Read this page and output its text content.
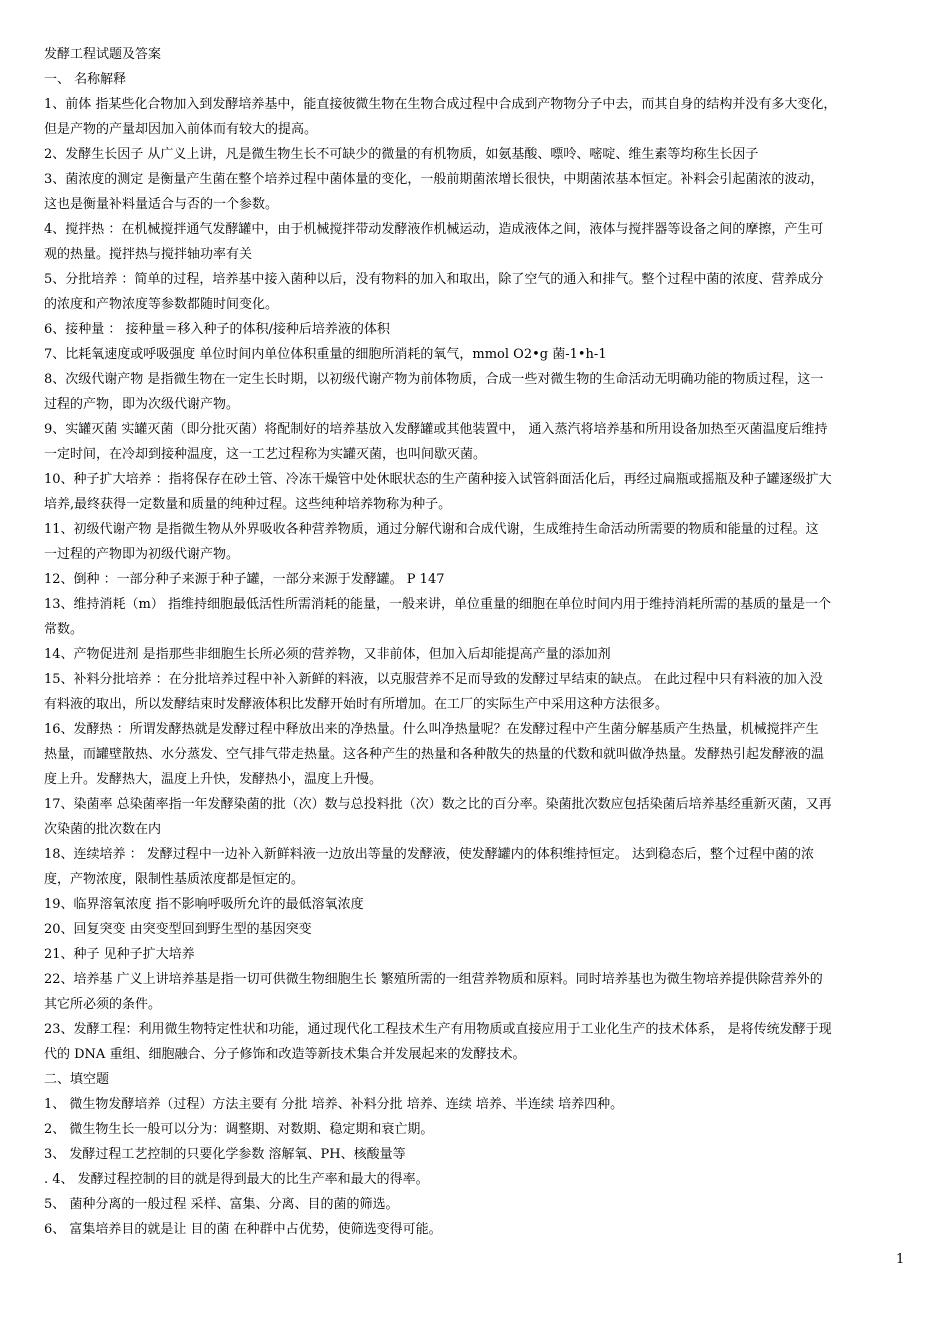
发酵工程试题及答案
一、 名称解释
1、前体 指某些化合物加入到发酵培养基中，能直接彼微生物在生物合成过程中合成到产物物分子中去，而其自身的结构并没有多大变化，
但是产物的产量却因加入前体而有较大的提高。
2、发酵生长因子 从广义上讲，凡是微生物生长不可缺少的微量的有机物质，如氨基酸、嘌呤、嘧啶、维生素等均称生长因子
3、菌浓度的测定 是衡量产生菌在整个培养过程中菌体量的变化，一般前期菌浓增长很快，中期菌浓基本恒定。补料会引起菌浓的波动，
这也是衡量补料量适合与否的一个参数。
4、搅拌热 ：在机械搅拌通气发酵罐中，由于机械搅拌带动发酵液作机械运动，造成液体之间，液体与搅拌器等设备之间的摩擦，产生可
观的热量。搅拌热与搅拌轴功率有关
5、分批培养 ：简单的过程，培养基中接入菌种以后，没有物料的加入和取出，除了空气的通入和排气。整个过程中菌的浓度、营养成分
的浓度和产物浓度等参数都随时间变化。
6、接种量 ： 接种量＝移入种子的体积/接种后培养液的体积
7、比耗氧速度或呼吸强度 单位时间内单位体积重量的细胞所消耗的氧气，mmol O2•g 菌-1•h-1
8、次级代谢产物 是指微生物在一定生长时期，以初级代谢产物为前体物质，合成一些对微生物的生命活动无明确功能的物质过程，这一
过程的产物，即为次级代谢产物。
9、实罐灭菌 实罐灭菌（即分批灭菌）将配制好的培养基放入发酵罐或其他装置中， 通入蒸汽将培养基和所用设备加热至灭菌温度后维持
一定时间，在冷却到接种温度，这一工艺过程称为实罐灭菌，也叫间歇灭菌。
10、种子扩大培养 ：指将保存在砂土管、冷冻干燥管中处休眠状态的生产菌种接入试管斜面活化后，再经过扁瓶或摇瓶及种子罐逐级扩大
培养,最终获得一定数量和质量的纯种过程。这些纯种培养物称为种子。
11、初级代谢产物 是指微生物从外界吸收各种营养物质，通过分解代谢和合成代谢，生成维持生命活动所需要的物质和能量的过程。这
一过程的产物即为初级代谢产物。
12、倒种 ：一部分种子来源于种子罐，一部分来源于发酵罐。 P 147
13、维持消耗（m） 指维持细胞最低活性所需消耗的能量，一般来讲，单位重量的细胞在单位时间内用于维持消耗所需的基质的量是一个
常数。
14、产物促进剂 是指那些非细胞生长所必须的营养物，又非前体，但加入后却能提高产量的添加剂
15、补料分批培养 ：在分批培养过程中补入新鲜的料液，以克服营养不足而导致的发酵过早结束的缺点。 在此过程中只有料液的加入没
有料液的取出，所以发酵结束时发酵液体积比发酵开始时有所增加。在工厂的实际生产中采用这种方法很多。
16、发酵热 ：所谓发酵热就是发酵过程中释放出来的净热量。什么叫净热量呢？在发酵过程中产生菌分解基质产生热量，机械搅拌产生
热量，而罐壁散热、水分蒸发、空气排气带走热量。这各种产生的热量和各种散失的热量的代数和就叫做净热量。发酵热引起发酵液的温
度上升。发酵热大，温度上升快，发酵热小，温度上升慢。
17、染菌率 总染菌率指一年发酵染菌的批（次）数与总投料批（次）数之比的百分率。染菌批次数应包括染菌后培养基经重新灭菌，又再
次染菌的批次数在内
18、连续培养 ： 发酵过程中一边补入新鲜料液一边放出等量的发酵液，使发酵罐内的体积维持恒定。 达到稳态后，整个过程中菌的浓
度，产物浓度，限制性基质浓度都是恒定的。
19、临界溶氧浓度 指不影响呼吸所允许的最低溶氧浓度
20、回复突变 由突变型回到野生型的基因突变
21、种子 见种子扩大培养
22、培养基 广义上讲培养基是指一切可供微生物细胞生长 繁殖所需的一组营养物质和原料。同时培养基也为微生物培养提供除营养外的
其它所必须的条件。
23、发酵工程：利用微生物特定性状和功能，通过现代化工程技术生产有用物质或直接应用于工业化生产的技术体系， 是将传统发酵于现
代的 DNA 重组、细胞融合、分子修饰和改造等新技术集合并发展起来的发酵技术。
二、填空题
1、 微生物发酵培养（过程）方法主要有 分批 培养、补料分批 培养、连续 培养、半连续 培养四种。
2、 微生物生长一般可以分为：调整期、对数期、稳定期和衰亡期。
3、 发酵过程工艺控制的只要化学参数 溶解氧、PH、核酸量等
. 4、 发酵过程控制的目的就是得到最大的比生产率和最大的得率。
5、 菌种分离的一般过程 采样、富集、分离、目的菌的筛选。
6、 富集培养目的就是让 目的菌 在种群中占优势，使筛选变得可能。
1
